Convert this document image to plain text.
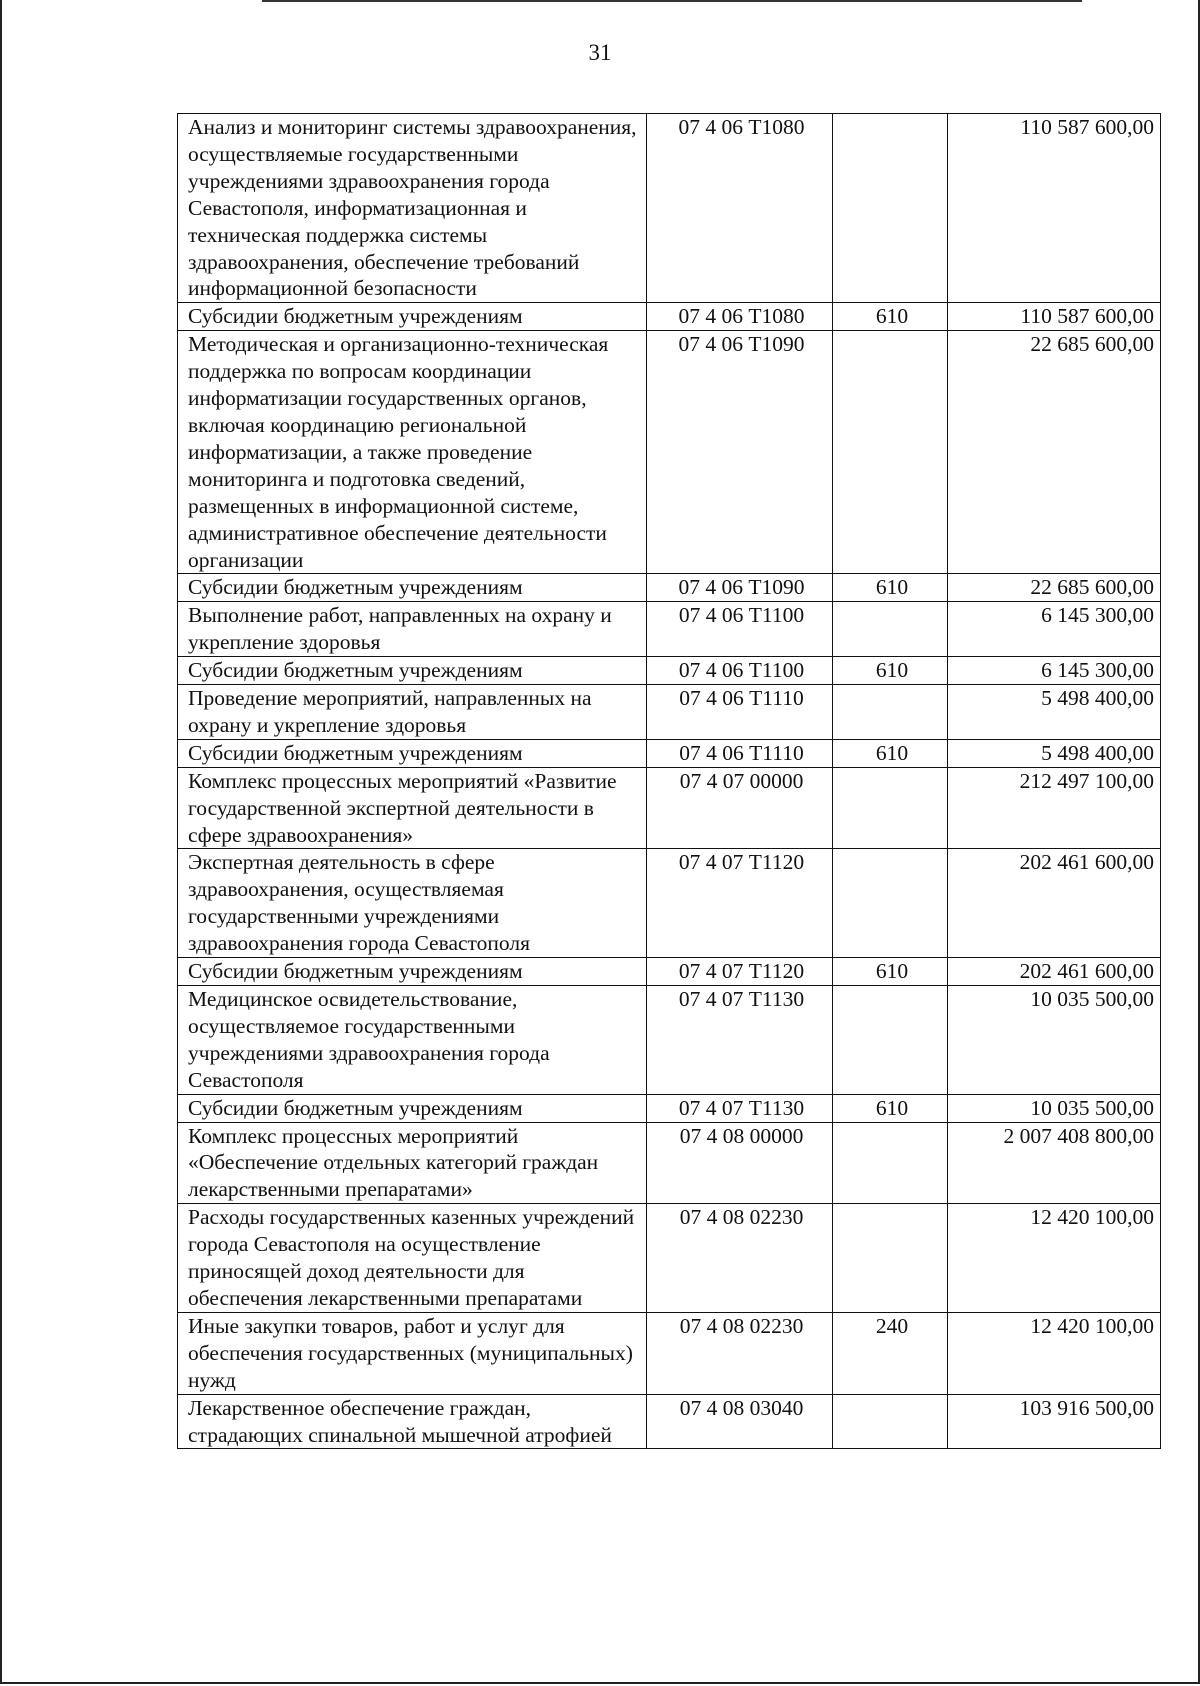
31
Анализ и мониторинг системы здравоохранения, осуществляемые государственными учреждениями здравоохранения города Севастополя, информатизационная и техническая поддержка системы здравоохранения, обеспечение требований информационной безопасности	07 4 06 Т1080		110 587 600,00
Субсидии бюджетным учреждениям	07 4 06 Т1080	610	110 587 600,00
Методическая и организационно-техническая поддержка по вопросам координации информатизации государственных органов, включая координацию региональной информатизации, а также проведение мониторинга и подготовка сведений, размещенных в информационной системе, административное обеспечение деятельности организации	07 4 06 Т1090		22 685 600,00
Субсидии бюджетным учреждениям	07 4 06 Т1090	610	22 685 600,00
Выполнение работ, направленных на охрану и укрепление здоровья	07 4 06 Т1100		6 145 300,00
Субсидии бюджетным учреждениям	07 4 06 Т1100	610	6 145 300,00
Проведение мероприятий, направленных на охрану и укрепление здоровья	07 4 06 Т1110		5 498 400,00
Субсидии бюджетным учреждениям	07 4 06 Т1110	610	5 498 400,00
Комплекс процессных мероприятий «Развитие государственной экспертной деятельности в сфере здравоохранения»	07 4 07 00000		212 497 100,00
Экспертная деятельность в сфере здравоохранения, осуществляемая государственными учреждениями здравоохранения города Севастополя	07 4 07 Т1120		202 461 600,00
Субсидии бюджетным учреждениям	07 4 07 Т1120	610	202 461 600,00
Медицинское освидетельствование, осуществляемое государственными учреждениями здравоохранения города Севастополя	07 4 07 Т1130		10 035 500,00
Субсидии бюджетным учреждениям	07 4 07 Т1130	610	10 035 500,00
Комплекс процессных мероприятий «Обеспечение отдельных категорий граждан лекарственными препаратами»	07 4 08 00000		2 007 408 800,00
Расходы государственных казенных учреждений города Севастополя на осуществление приносящей доход деятельности для обеспечения лекарственными препаратами	07 4 08 02230		12 420 100,00
Иные закупки товаров, работ и услуг для обеспечения государственных (муниципальных) нужд	07 4 08 02230	240	12 420 100,00
Лекарственное обеспечение граждан, страдающих спинальной мышечной атрофией	07 4 08 03040		103 916 500,00
